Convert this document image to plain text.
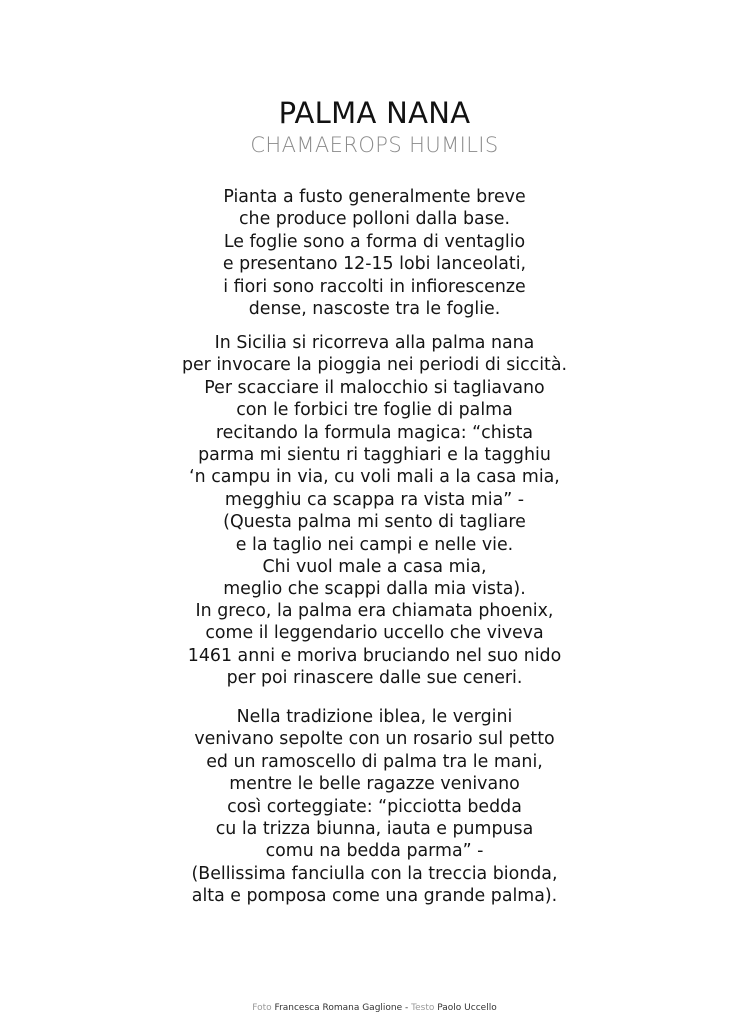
PALMA NANA
CHAMAEROPS HUMILIS
Pianta a fusto generalmente breve
che produce polloni dalla base.
Le foglie sono a forma di ventaglio
e presentano 12-15 lobi lanceolati,
i fiori sono raccolti in infiorescenze
dense, nascoste tra le foglie.
In Sicilia si ricorreva alla palma nana
per invocare la pioggia nei periodi di siccità.
Per scacciare il malocchio si tagliavano
con le forbici tre foglie di palma
recitando la formula magica: “chista
parma mi sientu ri tagghiari e la tagghiu
‘n campu in via, cu voli mali a la casa mia,
megghiu ca scappa ra vista mia” -
(Questa palma mi sento di tagliare
e la taglio nei campi e nelle vie.
Chi vuol male a casa mia,
meglio che scappi dalla mia vista).
In greco, la palma era chiamata phoenix,
come il leggendario uccello che viveva
1461 anni e moriva bruciando nel suo nido
per poi rinascere dalle sue ceneri.
Nella tradizione iblea, le vergini
venivano sepolte con un rosario sul petto
ed un ramoscello di palma tra le mani,
mentre le belle ragazze venivano
così corteggiate: “picciotta bedda
cu la trizza biunna, iauta e pumpusa
comu na bedda parma” -
(Bellissima fanciulla con la treccia bionda,
alta e pomposa come una grande palma).
Foto Francesca Romana Gaglione - Testo Paolo Uccello
